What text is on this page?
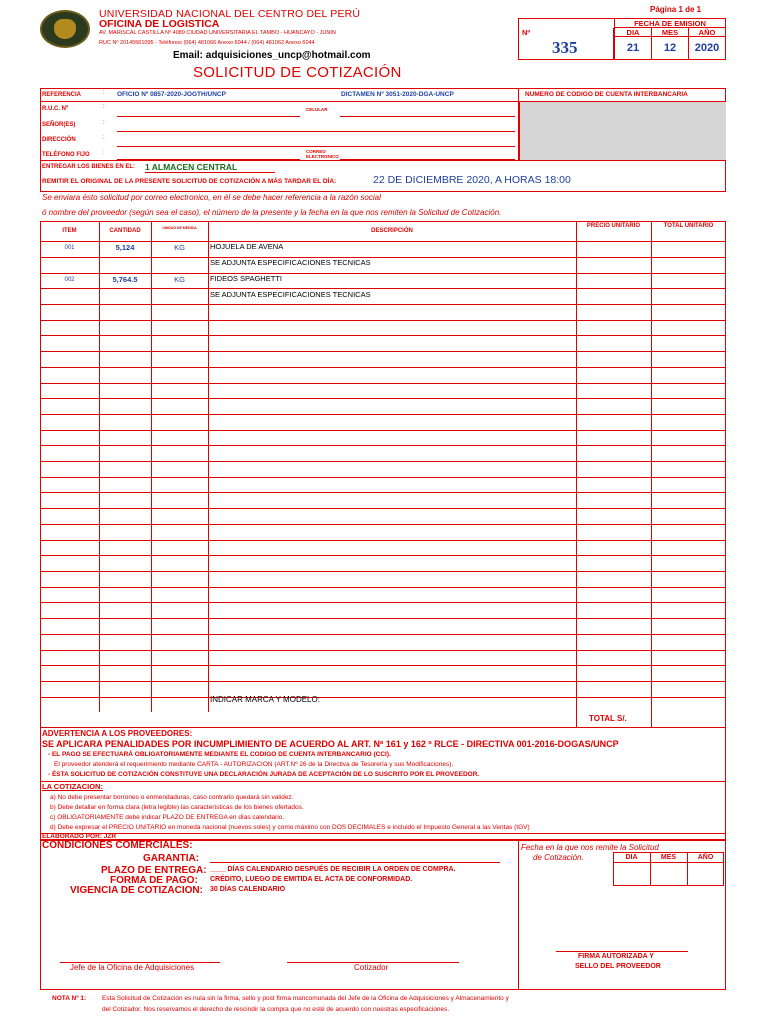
UNIVERSIDAD NACIONAL DEL CENTRO DEL PERÚ
OFICINA DE LOGISTICA
AV. MARISCAL CASTILLA Nº 4089 CIUDAD UNIVERSITARIA EL TAMBO - HUANCAYO - JUNIN
RUC Nº 20145561095 - Teléfonos (064) 481066 Anexo 6044 / (064) 481062 Anexo 6044
Email: adquisiciones_uncp@hotmail.com
Página 1 de 1
Nº
335
FECHA DE EMISION
DIA	MES	AÑO
21	12	2020
SOLICITUD DE COTIZACIÓN
REFERENCIA	: OFICIO Nº 0857-2020-JOGTH/UNCP	DICTAMEN Nº 3051-2020-DGA-UNCP	NUMERO DE CODIGO DE CUENTA INTERBANCARIA
R.U.C. Nº	:	CELULAR
SEÑOR(ES)	:
DIRECCIÓN	:
TELÉFONO FIJO :	CORREO ELECTRONICO
ENTREGAR LOS BIENES EN EL: 1 ALMACEN CENTRAL
REMITIR EL ORIGINAL DE LA PRESENTE SOLICITUD DE COTIZACIÓN A MÁS TARDAR EL DÍA:	22 DE DICIEMBRE 2020, A HORAS 18:00
Se enviara ésto solicitud por correo electronico, en él se debe hacer referencia a la razón social
ó nombre del proveedor (según sea el caso), el número de la presente y la fecha en la que nos remiten la Solicitud de Cotización.
ITEM	CANTIDAD	UNIDAD DE MEDIDA	DESCRIPCIÓN
PRECIO UNITARIO	TOTAL UNITARIO
001	5,124	KG	HOJUELA DE AVENA
SE ADJUNTA ESPECIFICACIONES TECNICAS
002	5,764.5	KG	FIDEOS SPAGHETTI
SE ADJUNTA ESPECIFICACIONES TECNICAS
INDICAR MARCA Y MODELO:
TOTAL S/.
ADVERTENCIA A LOS PROVEEDORES:
SE APLICARA PENALIDADES POR INCUMPLIMIENTO DE ACUERDO AL ART. Nº 161 y 162 º RLCE - DIRECTIVA 001-2016-DOGAS/UNCP
- EL PAGO SE EFECTUARÁ OBLIGATORIAMENTE MEDIANTE EL CODIGO DE CUENTA INTERBANCARIO (CCI).
El proveedor atenderá el requerimiento mediante CARTA - AUTORIZACION (ART.Nº 26 de la Directiva de Tesorería y sus Modificaciones).
- ÉSTA SOLICITUD DE COTIZACIÓN CONSTITUYE UNA DECLARACIÓN JURADA DE ACEPTACIÓN DE LO SUSCRITO POR EL PROVEEDOR.
LA COTIZACION:
a) No debe presentar borrones o enmendaduras, caso contrario quedará sin validez.
b) Debe detallar en forma clara (letra legible) las características de los bienes ofertados.
c) OBLIGATORIAMENTE debe indicar PLAZO DE ENTREGA en días calendario.
d) Debe expresar el PRECIO UNITARIO en moneda nacional (nuevos soles) y como máximo con DOS DECIMALES e incluido el Impuesto General a las Ventas (IGV)
ELABORADO POR: JZR
CONDICIONES COMERCIALES:
GARANTIA:
PLAZO DE ENTREGA: ____ DÍAS CALENDARIO DESPUÉS DE RECIBIR LA ORDEN DE COMPRA.
FORMA DE PAGO: CRÉDITO, LUEGO DE EMITIDA EL ACTA DE CONFORMIDAD.
VIGENCIA DE COTIZACION: 30 DÍAS CALENDARIO
Fecha en la que nos remite la Solicitud
de Cotización.	DIA	MES	AÑO
Jefe de la Oficina de Adquisiciones	Cotizador
FIRMA AUTORIZADA Y
SELLO DEL PROVEEDOR
NOTA Nº 1: Esta Solicitud de Cotización es nula sin la firma, sello y post firma mancomunada del Jefe de la Oficina de Adquisiciones y Almacenamiento y
del Cotizador. Nos reservamos el derecho de rescindir la compra que no esté de acuerdo con nuestras especificaciones.
